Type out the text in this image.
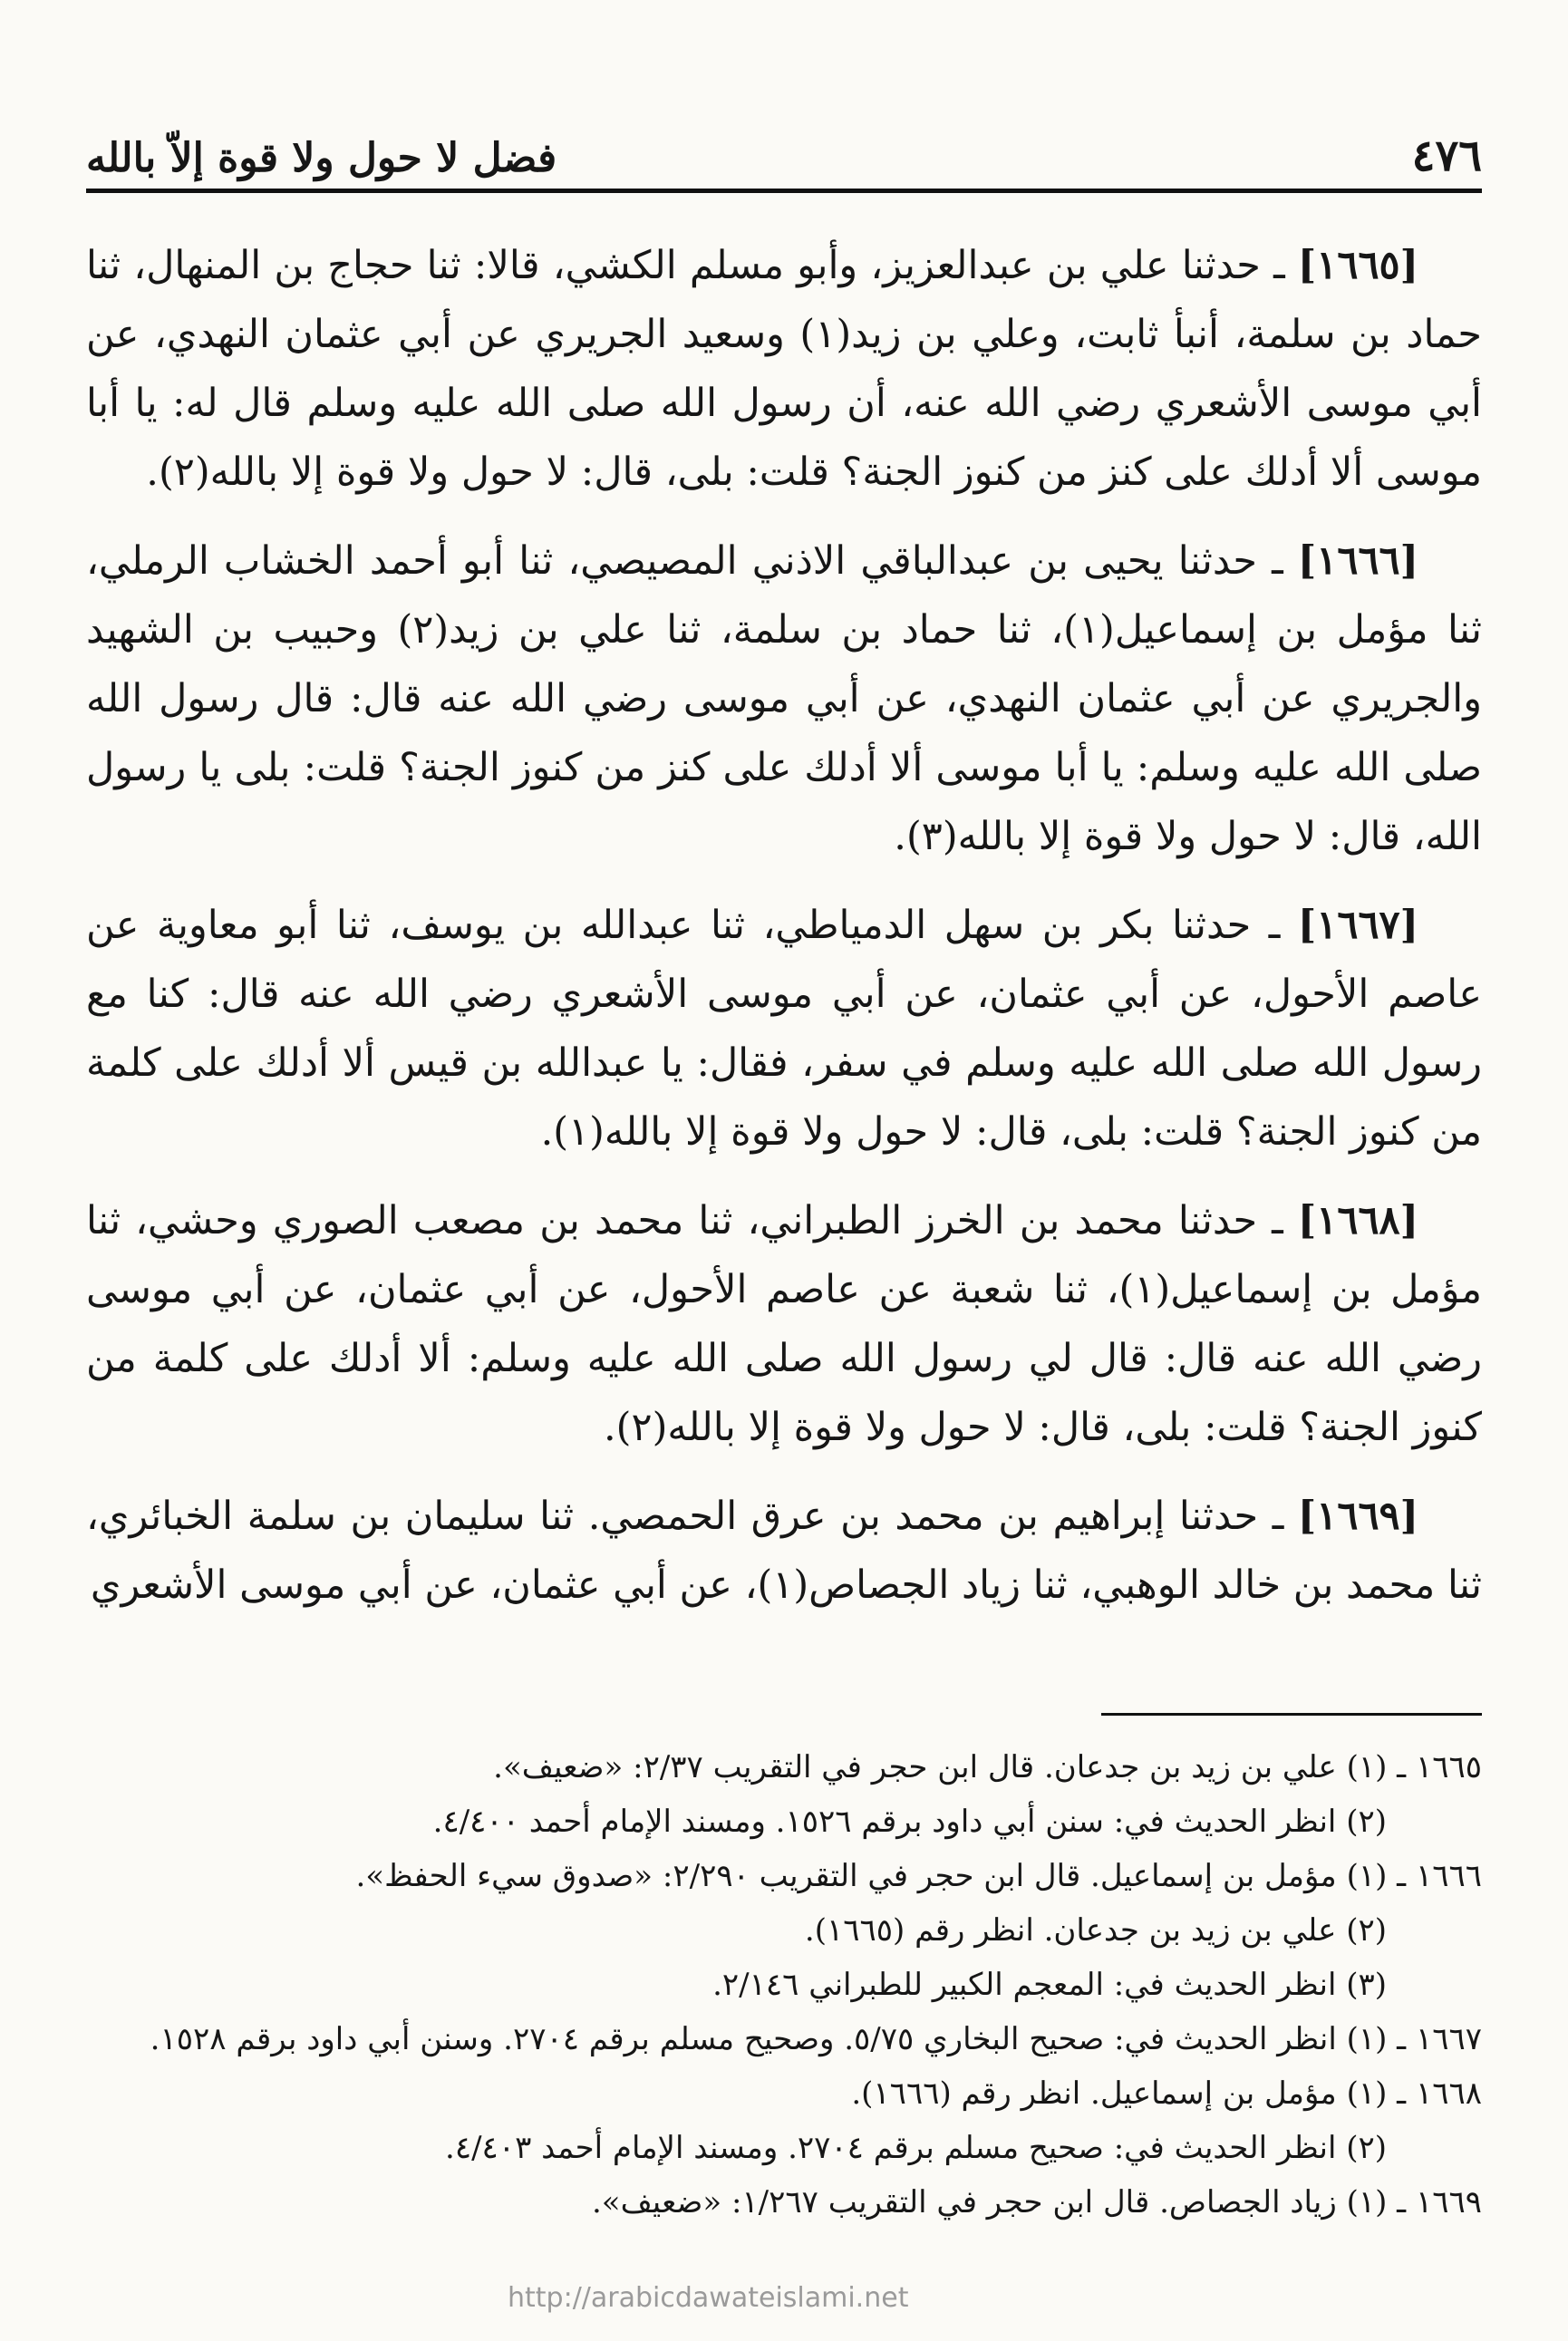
٤٧٦
فضل لا حول ولا قوة إلاّ بالله

[١٦٦٥] ـ حدثنا علي بن عبدالعزيز، وأبو مسلم الكشي، قالا: ثنا حجاج بن المنهال، ثنا حماد بن سلمة، أنبأ ثابت، وعلي بن زيد(١) وسعيد الجريري عن أبي عثمان النهدي، عن أبي موسى الأشعري رضي الله عنه، أن رسول الله صلى الله عليه وسلم قال له: يا أبا موسى ألا أدلك على كنز من كنوز الجنة؟ قلت: بلى، قال: لا حول ولا قوة إلا بالله(٢).

[١٦٦٦] ـ حدثنا يحيى بن عبدالباقي الاذني المصيصي، ثنا أبو أحمد الخشاب الرملي، ثنا مؤمل بن إسماعيل(١)، ثنا حماد بن سلمة، ثنا علي بن زيد(٢) وحبيب بن الشهيد والجريري عن أبي عثمان النهدي، عن أبي موسى رضي الله عنه قال: قال رسول الله صلى الله عليه وسلم: يا أبا موسى ألا أدلك على كنز من كنوز الجنة؟ قلت: بلى يا رسول الله، قال: لا حول ولا قوة إلا بالله(٣).

[١٦٦٧] ـ حدثنا بكر بن سهل الدمياطي، ثنا عبدالله بن يوسف، ثنا أبو معاوية عن عاصم الأحول، عن أبي عثمان، عن أبي موسى الأشعري رضي الله عنه قال: كنا مع رسول الله صلى الله عليه وسلم في سفر، فقال: يا عبدالله بن قيس ألا أدلك على كلمة من كنوز الجنة؟ قلت: بلى، قال: لا حول ولا قوة إلا بالله(١).

[١٦٦٨] ـ حدثنا محمد بن الخرز الطبراني، ثنا محمد بن مصعب الصوري وحشي، ثنا مؤمل بن إسماعيل(١)، ثنا شعبة عن عاصم الأحول، عن أبي عثمان، عن أبي موسى رضي الله عنه قال: قال لي رسول الله صلى الله عليه وسلم: ألا أدلك على كلمة من كنوز الجنة؟ قلت: بلى، قال: لا حول ولا قوة إلا بالله(٢).

[١٦٦٩] ـ حدثنا إبراهيم بن محمد بن عرق الحمصي. ثنا سليمان بن سلمة الخبائري، ثنا محمد بن خالد الوهبي، ثنا زياد الجصاص(١)، عن أبي عثمان، عن أبي موسى الأشعري

١٦٦٥ ـ (١) علي بن زيد بن جدعان. قال ابن حجر في التقريب ٢/٣٧: «ضعيف».

(٢) انظر الحديث في: سنن أبي داود برقم ١٥٢٦. ومسند الإمام أحمد ٤/٤٠٠.

١٦٦٦ ـ (١) مؤمل بن إسماعيل. قال ابن حجر في التقريب ٢/٢٩٠: «صدوق سيء الحفظ».

(٢) علي بن زيد بن جدعان. انظر رقم (١٦٦٥).

(٣) انظر الحديث في: المعجم الكبير للطبراني ٢/١٤٦.

١٦٦٧ ـ (١) انظر الحديث في: صحيح البخاري ٥/٧٥. وصحيح مسلم برقم ٢٧٠٤. وسنن أبي داود برقم ١٥٢٨.

١٦٦٨ ـ (١) مؤمل بن إسماعيل. انظر رقم (١٦٦٦).

(٢) انظر الحديث في: صحيح مسلم برقم ٢٧٠٤. ومسند الإمام أحمد ٤/٤٠٣.

١٦٦٩ ـ (١) زياد الجصاص. قال ابن حجر في التقريب ١/٢٦٧: «ضعيف».

http://arabicdawateislami.net
